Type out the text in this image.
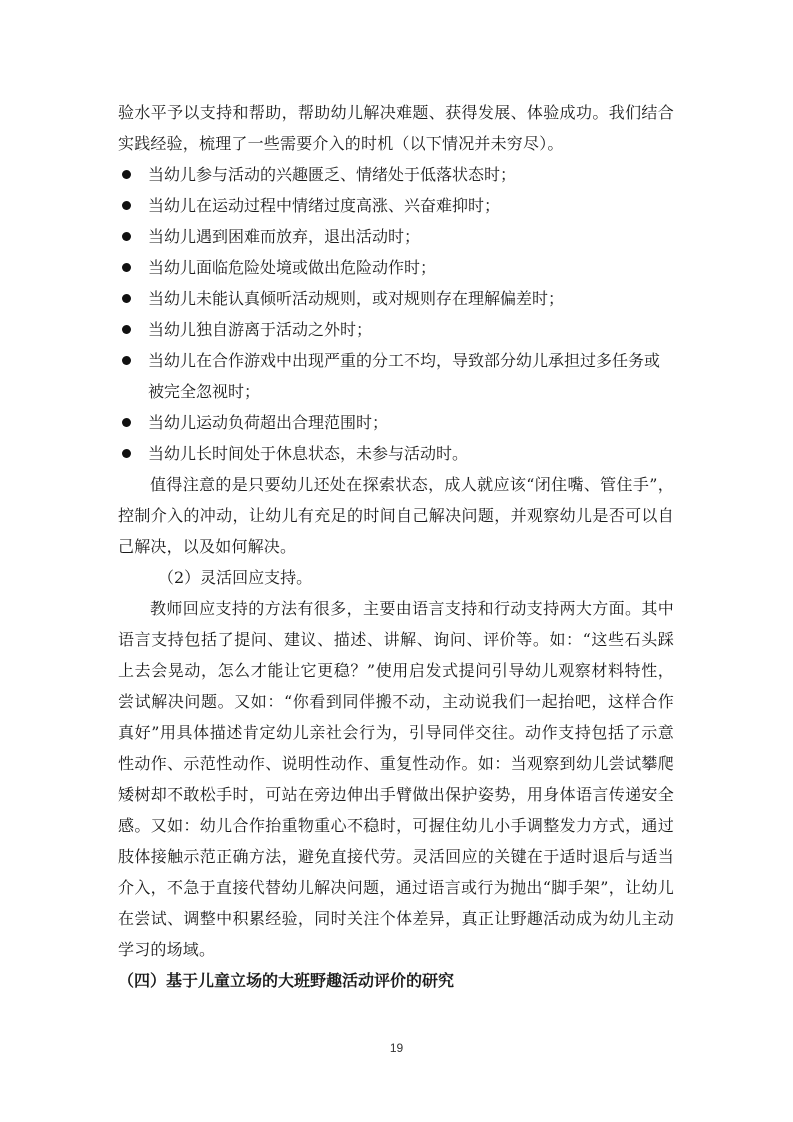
验水平予以支持和帮助，帮助幼儿解决难题、获得发展、体验成功。我们结合实践经验，梳理了一些需要介入的时机（以下情况并未穷尽）。

当幼儿参与活动的兴趣匮乏、情绪处于低落状态时；
当幼儿在运动过程中情绪过度高涨、兴奋难抑时；
当幼儿遇到困难而放弃，退出活动时；
当幼儿面临危险处境或做出危险动作时；
当幼儿未能认真倾听活动规则，或对规则存在理解偏差时；
当幼儿独自游离于活动之外时；
当幼儿在合作游戏中出现严重的分工不均，导致部分幼儿承担过多任务或被完全忽视时；
当幼儿运动负荷超出合理范围时；
当幼儿长时间处于休息状态，未参与活动时。

值得注意的是只要幼儿还处在探索状态，成人就应该“闭住嘴、管住手”，控制介入的冲动，让幼儿有充足的时间自己解决问题，并观察幼儿是否可以自己解决，以及如何解决。

（2）灵活回应支持。

教师回应支持的方法有很多，主要由语言支持和行动支持两大方面。其中语言支持包括了提问、建议、描述、讲解、询问、评价等。如：“这些石头踩上去会晃动，怎么才能让它更稳？”使用启发式提问引导幼儿观察材料特性，尝试解决问题。又如：“你看到同伴搬不动，主动说我们一起抬吧，这样合作真好”用具体描述肯定幼儿亲社会行为，引导同伴交往。动作支持包括了示意性动作、示范性动作、说明性动作、重复性动作。如：当观察到幼儿尝试攀爬矮树却不敢松手时，可站在旁边伸出手臂做出保护姿势，用身体语言传递安全感。又如：幼儿合作抬重物重心不稳时，可握住幼儿小手调整发力方式，通过肢体接触示范正确方法，避免直接代劳。灵活回应的关键在于适时退后与适当介入，不急于直接代替幼儿解决问题，通过语言或行为抛出“脚手架”，让幼儿在尝试、调整中积累经验，同时关注个体差异，真正让野趣活动成为幼儿主动学习的场域。

（四）基于儿童立场的大班野趣活动评价的研究

19
